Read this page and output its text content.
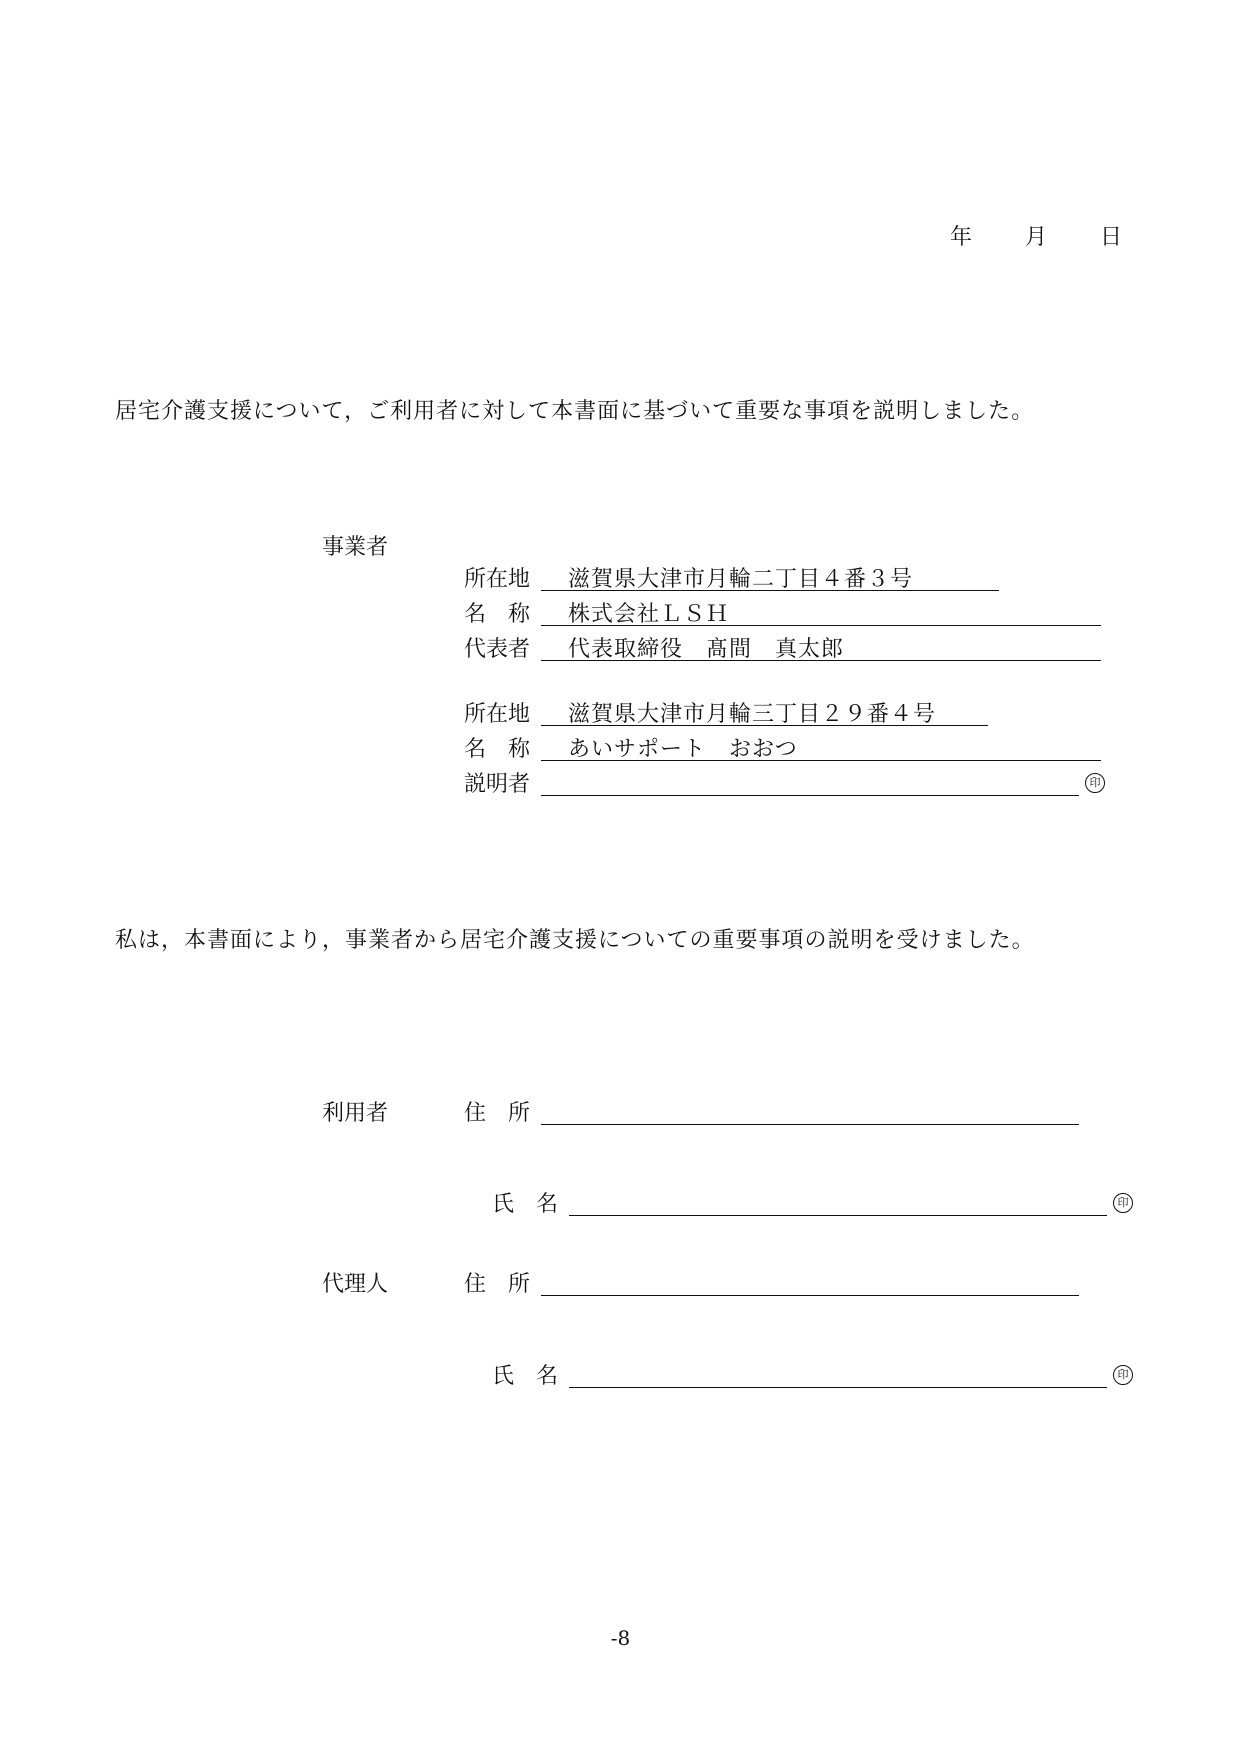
年 月 日
居宅介護支援について，ご利用者に対して本書面に基づいて重要な事項を説明しました。
事業者
所在地 滋賀県大津市月輪二丁目４番３号
名　称 株式会社ＬＳＨ
代表者 代表取締役　髙間　真太郎
所在地 滋賀県大津市月輪三丁目２９番４号
名　称 あいサポート　おおつ
説明者	印
私は，本書面により，事業者から居宅介護支援についての重要事項の説明を受けました。
利用者	住　所
氏　名	印
代理人	住　所
氏　名	印
-8
